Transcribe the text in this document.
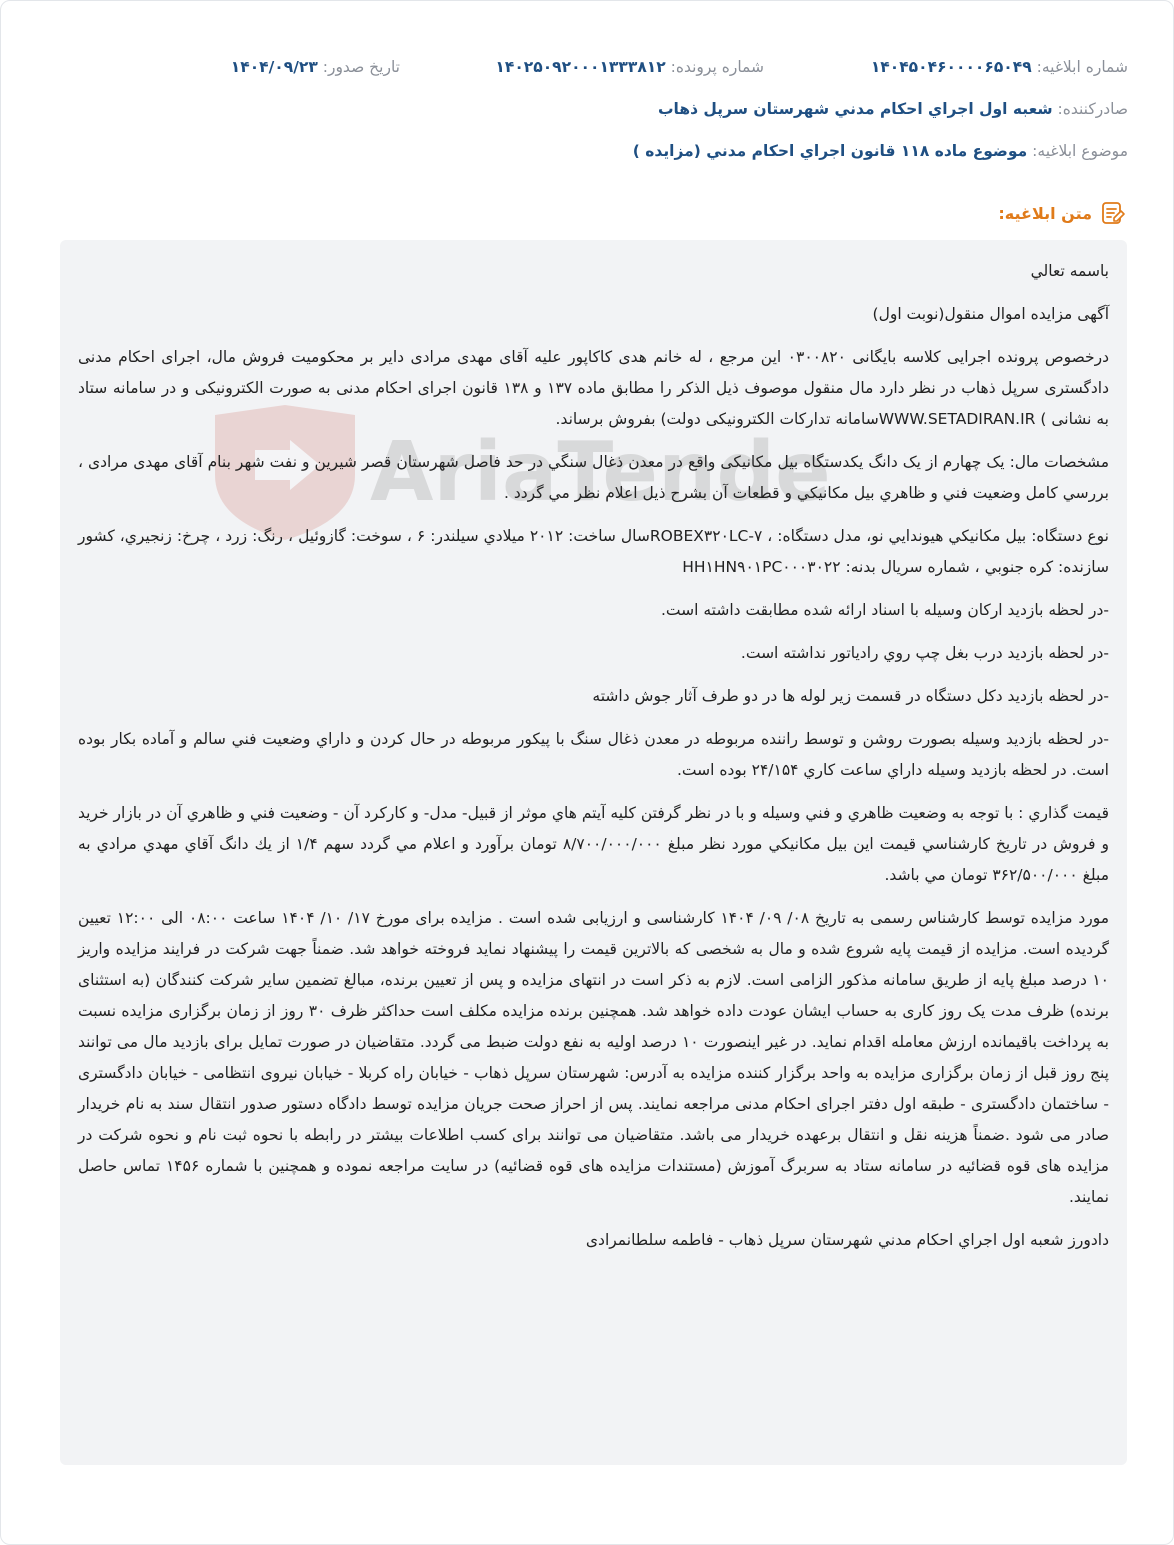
شماره ابلاغیه: ۱۴۰۴۵۰۴۶۰۰۰۰۶۵۰۴۹
شماره پرونده: ۱۴۰۲۵۰۹۲۰۰۰۱۳۳۳۸۱۲
تاریخ صدور: ۱۴۰۴/۰۹/۲۳
صادرکننده: شعبه اول اجراي احكام مدني شهرستان سرپل ذهاب
موضوع ابلاغیه: موضوع ماده ۱۱۸ قانون اجراي احكام مدني (مزايده )
متن ابلاغیه:
AriaTende

باسمه تعالي

آگهی مزایده اموال منقول(نوبت اول)

درخصوص پرونده اجرایی کلاسه بایگانی ۰۳۰۰۸۲۰ این مرجع ، له خانم هدی کاکاپور علیه آقای مهدی مرادی دایر بر محکومیت فروش مال، اجرای احکام مدنی دادگستری سرپل ذهاب در نظر دارد مال منقول موصوف ذیل الذکر را مطابق ماده ۱۳۷ و ۱۳۸ قانون اجرای احکام مدنی به صورت الکترونیکی و در سامانه ستاد به نشانی ) WWW.SETADIRAN.IRسامانه تدارکات الکترونیکی دولت) بفروش برساند.

مشخصات مال: یک چهارم از یک دانگ یکدستگاه بیل مکانیکی واقع در معدن ذغال سنگي در حد فاصل شهرستان قصر شیرین و نفت شهر بنام آقای مهدی مرادی ، بررسي كامل وضعيت فني و ظاهري بيل مكانيكي و قطعات آن بشرح ذيل اعلام نظر مي گردد .

نوع دستگاه: بيل مكانيكي هيوندايي نو، مدل دستگاه: ، ROBEX۳۲۰LC-۷سال ساخت: ۲۰۱۲ ميلادي سيلندر: ۶ ، سوخت: گازوئيل ، رنگ: زرد ، چرخ: زنجيري، كشور سازنده: كره جنوبي ، شماره سريال بدنه: HH۱HN۹۰۱PC۰۰۰۳۰۲۲

-در لحظه بازديد اركان وسيله با اسناد ارائه شده مطابقت داشته است.

-در لحظه بازديد درب بغل چپ روي رادياتور نداشته است.

-در لحظه بازديد دكل دستگاه در قسمت زير لوله ها در دو طرف آثار جوش داشته

-در لحظه بازديد وسيله بصورت روشن و توسط راننده مربوطه در معدن ذغال سنگ با پيكور مربوطه در حال كردن و داراي وضعيت فني سالم و آماده بكار بوده است. در لحظه بازديد وسيله داراي ساعت كاري ۲۴/۱۵۴ بوده است.

قيمت گذاري : با توجه به وضعيت ظاهري و فني وسيله و با در نظر گرفتن كليه آيتم هاي موثر از قبيل- مدل- و كاركرد آن - وضعيت فني و ظاهري آن در بازار خريد و فروش در تاريخ كارشناسي قيمت اين بيل مكانيكي مورد نظر مبلغ ۸/۷۰۰/۰۰۰/۰۰۰ تومان برآورد و اعلام مي گردد سهم ۱/۴ از يك دانگ آقاي مهدي مرادي به مبلغ ۳۶۲/۵۰۰/۰۰۰ تومان مي باشد.

مورد مزایده توسط کارشناس رسمی به تاریخ ۰۸/ ۰۹/ ۱۴۰۴ کارشناسی و ارزیابی شده است . مزایده برای مورخ ۱۷/ ۱۰/ ۱۴۰۴ ساعت ۰۸:۰۰ الی ۱۲:۰۰ تعیین گردیده است. مزایده از قیمت پایه شروع شده و مال به شخصی که بالاترین قیمت را پیشنهاد نماید فروخته خواهد شد. ضمناً جهت شرکت در فرایند مزایده واریز ۱۰ درصد مبلغ پایه از طریق سامانه مذکور الزامی است. لازم به ذکر است در انتهای مزایده و پس از تعیین برنده، مبالغ تضمین سایر شرکت کنندگان (به استثنای برنده) ظرف مدت یک روز کاری به حساب ایشان عودت داده خواهد شد. همچنین برنده مزایده مکلف است حداکثر ظرف ۳۰ روز از زمان برگزاری مزایده نسبت به پرداخت باقیمانده ارزش معامله اقدام نماید. در غیر اینصورت ۱۰ درصد اولیه به نفع دولت ضبط می گردد. متقاضیان در صورت تمایل برای بازدید مال می توانند پنج روز قبل از زمان برگزاری مزایده به واحد برگزار کننده مزایده به آدرس: شهرستان سرپل ذهاب - خیابان راه کربلا - خیابان نیروی انتظامی - خیابان دادگستری - ساختمان دادگستری - طبقه اول دفتر اجرای احکام مدنی مراجعه نمایند. پس از احراز صحت جریان مزایده توسط دادگاه دستور صدور انتقال سند به نام خریدار صادر می شود .ضمناً هزینه نقل و انتقال برعهده خریدار می باشد. متقاضیان می توانند برای کسب اطلاعات بیشتر در رابطه با نحوه ثبت نام و نحوه شرکت در مزایده های قوه قضائیه در سامانه ستاد به سربرگ آموزش (مستندات مزایده های قوه قضائیه) در سایت مراجعه نموده و همچنین با شماره ۱۴۵۶ تماس حاصل نمایند.

دادورز شعبه اول اجراي احكام مدني شهرستان سرپل ذهاب - فاطمه سلطانمرادی
